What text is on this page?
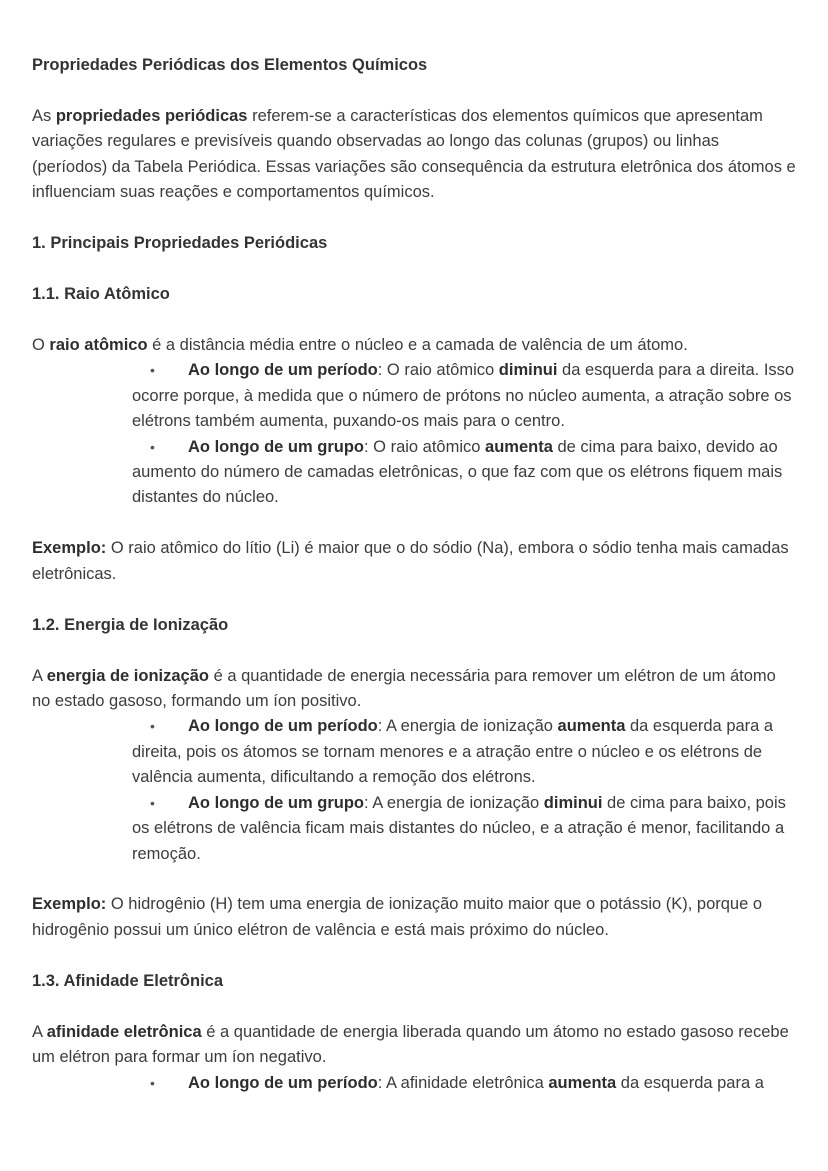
Propriedades Periódicas dos Elementos Químicos

As propriedades periódicas referem-se a características dos elementos químicos que apresentam variações regulares e previsíveis quando observadas ao longo das colunas (grupos) ou linhas (períodos) da Tabela Periódica. Essas variações são consequência da estrutura eletrônica dos átomos e influenciam suas reações e comportamentos químicos.

1. Principais Propriedades Periódicas
1.1. Raio Atômico

O raio atômico é a distância média entre o núcleo e a camada de valência de um átomo.

• Ao longo de um período: O raio atômico diminui da esquerda para a direita. Isso ocorre porque, à medida que o número de prótons no núcleo aumenta, a atração sobre os elétrons também aumenta, puxando-os mais para o centro.
• Ao longo de um grupo: O raio atômico aumenta de cima para baixo, devido ao aumento do número de camadas eletrônicas, o que faz com que os elétrons fiquem mais distantes do núcleo.

Exemplo: O raio atômico do lítio (Li) é maior que o do sódio (Na), embora o sódio tenha mais camadas eletrônicas.

1.2. Energia de Ionização

A energia de ionização é a quantidade de energia necessária para remover um elétron de um átomo no estado gasoso, formando um íon positivo.

• Ao longo de um período: A energia de ionização aumenta da esquerda para a direita, pois os átomos se tornam menores e a atração entre o núcleo e os elétrons de valência aumenta, dificultando a remoção dos elétrons.
• Ao longo de um grupo: A energia de ionização diminui de cima para baixo, pois os elétrons de valência ficam mais distantes do núcleo, e a atração é menor, facilitando a remoção.

Exemplo: O hidrogênio (H) tem uma energia de ionização muito maior que o potássio (K), porque o hidrogênio possui um único elétron de valência e está mais próximo do núcleo.

1.3. Afinidade Eletrônica

A afinidade eletrônica é a quantidade de energia liberada quando um átomo no estado gasoso recebe um elétron para formar um íon negativo.

• Ao longo de um período: A afinidade eletrônica aumenta da esquerda para a
